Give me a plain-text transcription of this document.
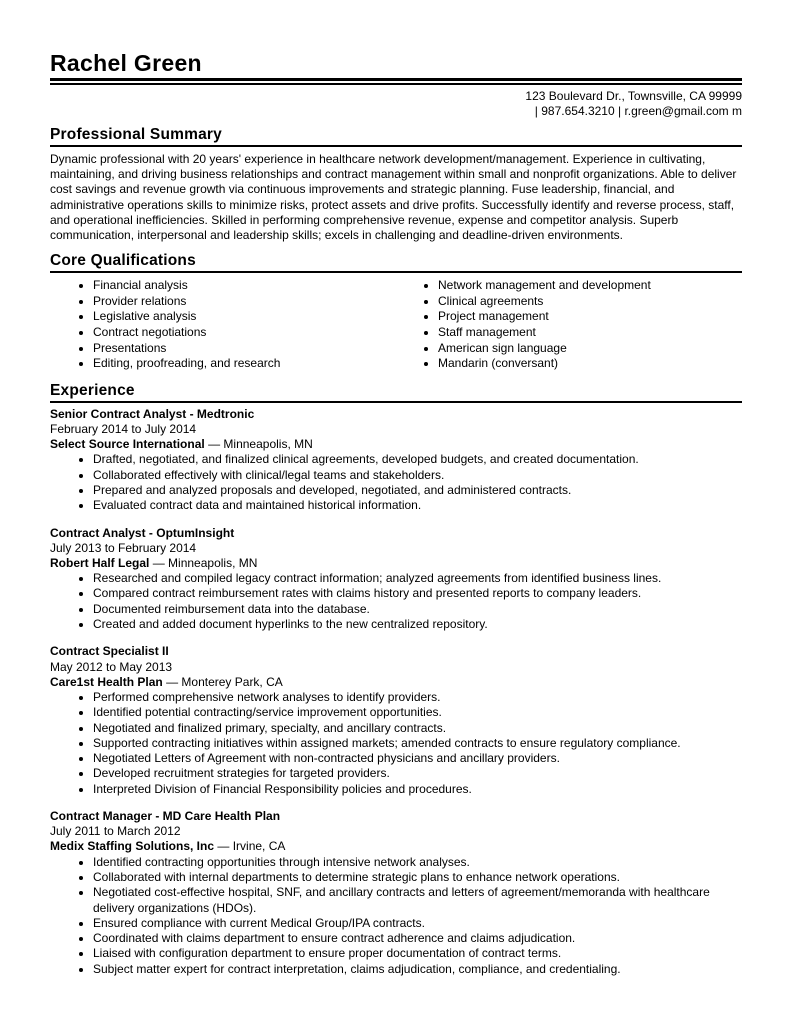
Rachel Green
123 Boulevard Dr., Townsville, CA 99999
| 987.654.3210 | r.green@gmail.com m
Professional Summary

Dynamic professional with 20 years' experience in healthcare network development/management. Experience in cultivating, maintaining, and driving business relationships and contract management within small and nonprofit organizations. Able to deliver cost savings and revenue growth via continuous improvements and strategic planning. Fuse leadership, financial, and administrative operations skills to minimize risks, protect assets and drive profits. Successfully identify and reverse process, staff, and operational inefficiencies. Skilled in performing comprehensive revenue, expense and competitor analysis. Superb communication, interpersonal and leadership skills; excels in challenging and deadline-driven environments.

Core Qualifications
• Financial analysis
• Provider relations
• Legislative analysis
• Contract negotiations
• Presentations
• Editing, proofreading, and research
• Network management and development
• Clinical agreements
• Project management
• Staff management
• American sign language
• Mandarin (conversant)
Experience
Senior Contract Analyst - Medtronic
February 2014 to July 2014
Select Source International — Minneapolis, MN
• Drafted, negotiated, and finalized clinical agreements, developed budgets, and created documentation.
• Collaborated effectively with clinical/legal teams and stakeholders.
• Prepared and analyzed proposals and developed, negotiated, and administered contracts.
• Evaluated contract data and maintained historical information.
Contract Analyst - OptumInsight
July 2013 to February 2014
Robert Half Legal — Minneapolis, MN
• Researched and compiled legacy contract information; analyzed agreements from identified business lines.
• Compared contract reimbursement rates with claims history and presented reports to company leaders.
• Documented reimbursement data into the database.
• Created and added document hyperlinks to the new centralized repository.
Contract Specialist II
May 2012 to May 2013
Care1st Health Plan — Monterey Park, CA
• Performed comprehensive network analyses to identify providers.
• Identified potential contracting/service improvement opportunities.
• Negotiated and finalized primary, specialty, and ancillary contracts.
• Supported contracting initiatives within assigned markets; amended contracts to ensure regulatory compliance.
• Negotiated Letters of Agreement with non-contracted physicians and ancillary providers.
• Developed recruitment strategies for targeted providers.
• Interpreted Division of Financial Responsibility policies and procedures.
Contract Manager - MD Care Health Plan
July 2011 to March 2012
Medix Staffing Solutions, Inc — Irvine, CA
• Identified contracting opportunities through intensive network analyses.
• Collaborated with internal departments to determine strategic plans to enhance network operations.
• Negotiated cost-effective hospital, SNF, and ancillary contracts and letters of agreement/memoranda with healthcare delivery organizations (HDOs).
• Ensured compliance with current Medical Group/IPA contracts.
• Coordinated with claims department to ensure contract adherence and claims adjudication.
• Liaised with configuration department to ensure proper documentation of contract terms.
• Subject matter expert for contract interpretation, claims adjudication, compliance, and credentialing.
